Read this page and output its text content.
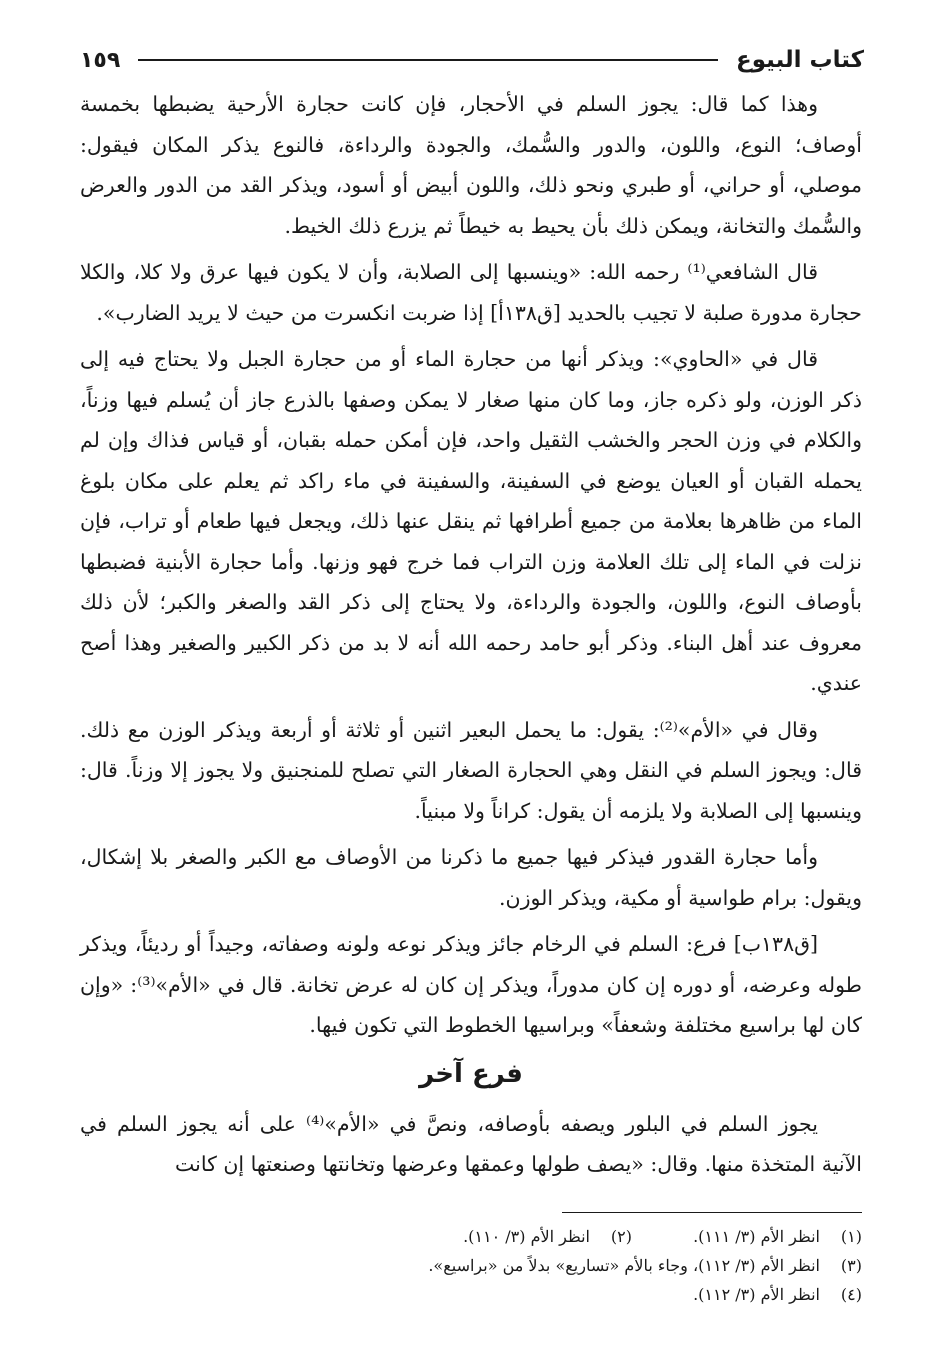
كتاب البيوع
١٥٩

وهذا كما قال: يجوز السلم في الأحجار، فإن كانت حجارة الأرحية يضبطها بخمسة أوصاف؛ النوع، واللون، والدور والسُّمك، والجودة والرداءة، فالنوع يذكر المكان فيقول: موصلي، أو حراني، أو طبري ونحو ذلك، واللون أبيض أو أسود، ويذكر القد من الدور والعرض والسُّمك والتخانة، ويمكن ذلك بأن يحيط به خيطاً ثم يزرع ذلك الخيط.

قال الشافعي⁽¹⁾ رحمه الله: «وينسبها إلى الصلابة، وأن لا يكون فيها عرق ولا كلا، والكلا حجارة مدورة صلبة لا تجيب بالحديد [ق١٣٨أ] إذا ضربت انكسرت من حيث لا يريد الضارب».

قال في «الحاوي»: ويذكر أنها من حجارة الماء أو من حجارة الجبل ولا يحتاج فيه إلى ذكر الوزن، ولو ذكره جاز، وما كان منها صغار لا يمكن وصفها بالذرع جاز أن يُسلم فيها وزناً، والكلام في وزن الحجر والخشب الثقيل واحد، فإن أمكن حمله بقبان، أو قياس فذاك وإن لم يحمله القبان أو العيان يوضع في السفينة، والسفينة في ماء راكد ثم يعلم على مكان بلوغ الماء من ظاهرها بعلامة من جميع أطرافها ثم ينقل عنها ذلك، ويجعل فيها طعام أو تراب، فإن نزلت في الماء إلى تلك العلامة وزن التراب فما خرج فهو وزنها. وأما حجارة الأبنية فضبطها بأوصاف النوع، واللون، والجودة والرداءة، ولا يحتاج إلى ذكر القد والصغر والكبر؛ لأن ذلك معروف عند أهل البناء. وذكر أبو حامد رحمه الله أنه لا بد من ذكر الكبير والصغير وهذا أصح عندي.

وقال في «الأم»⁽²⁾: يقول: ما يحمل البعير اثنين أو ثلاثة أو أربعة ويذكر الوزن مع ذلك. قال: ويجوز السلم في النقل وهي الحجارة الصغار التي تصلح للمنجنيق ولا يجوز إلا وزناً. قال: وينسبها إلى الصلابة ولا يلزمه أن يقول: كراناً ولا مبنياً.

وأما حجارة القدور فيذكر فيها جميع ما ذكرنا من الأوصاف مع الكبر والصغر بلا إشكال، ويقول: برام طواسية أو مكية، ويذكر الوزن.

[ق١٣٨ب] فرع: السلم في الرخام جائز ويذكر نوعه ولونه وصفاته، وجيداً أو رديئاً، ويذكر طوله وعرضه، أو دوره إن كان مدوراً، ويذكر إن كان له عرض تخانة. قال في «الأم»⁽³⁾: «وإن كان لها براسيع مختلفة وشعفاً» وبراسيها الخطوط التي تكون فيها.

فرع آخر

يجوز السلم في البلور ويصفه بأوصافه، ونصَّ في «الأم»⁽⁴⁾ على أنه يجوز السلم في الآنية المتخذة منها. وقال: «يصف طولها وعمقها وعرضها وتخانتها وصنعتها إن كانت

(١)
انظر الأم (٣/ ١١١).
(٢)
انظر الأم (٣/ ١١٠).
(٣)
انظر الأم (٣/ ١١٢)، وجاء بالأم «تساريع» بدلاً من «براسيع».
(٤)
انظر الأم (٣/ ١١٢).
